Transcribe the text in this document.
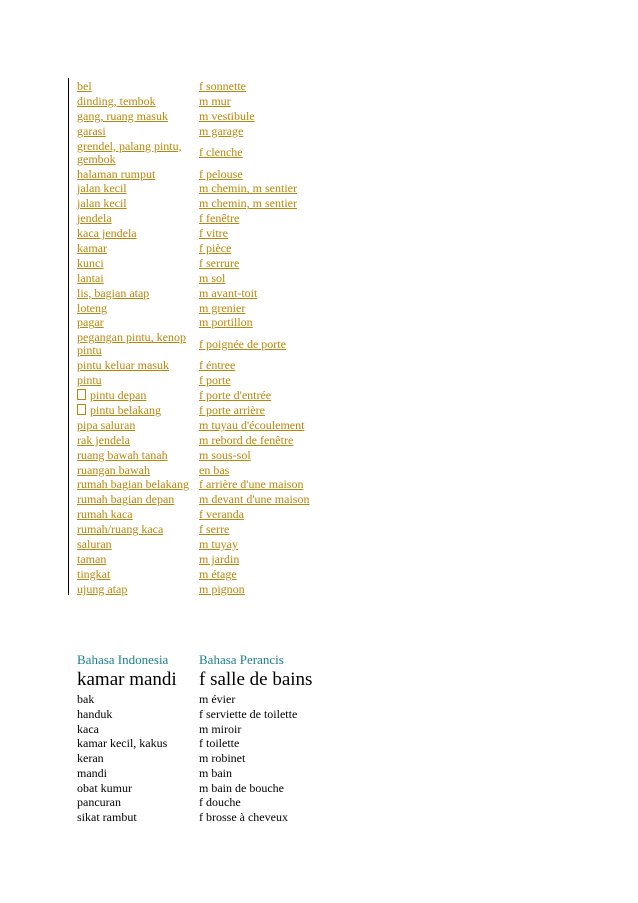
bel	f sonnette
dinding, tembok	m mur
gang, ruang masuk	m vestibule
garasi	m garage
grendel, palang pintu, gembok	f clenche
halaman rumput	f pelouse
jalan kecil	m chemin, m sentier
jalan kecil	m chemin, m sentier
jendela	f fenêtre
kaca jendela	f vitre
kamar	f pièce
kunci	f serrure
lantai	m sol
lis, bagian atap	m avant-toit
loteng	m grenier
pagar	m portillon
pegangan pintu, kenop pintu	f poignée de porte
pintu keluar masuk	f éntree
pintu	f porte
pintu depan	f porte d'entrée
pintu belakang	f porte arrière
pipa saluran	m tuyau d'écoulement
rak jendela	m rebord de fenêtre
ruang bawah tanah	m sous-sol
ruangan bawah	en bas
rumah bagian belakang f arrière d'une maison
rumah bagian depan	m devant d'une maison
rumah kaca	f veranda
rumah/ruang kaca	f serre
saluran	m tuyay
taman	m jardin
tingkat	m étage
ujung atap	m pignon
Bahasa Indonesia	Bahasa Perancis
kamar mandi	f salle de bains
bak	m évier
handuk	f serviette de toilette
kaca	m miroir
kamar kecil, kakus	f toilette
keran	m robinet
mandi	m bain
obat kumur	m bain de bouche
pancuran	f douche
sikat rambut	f brosse à cheveux
